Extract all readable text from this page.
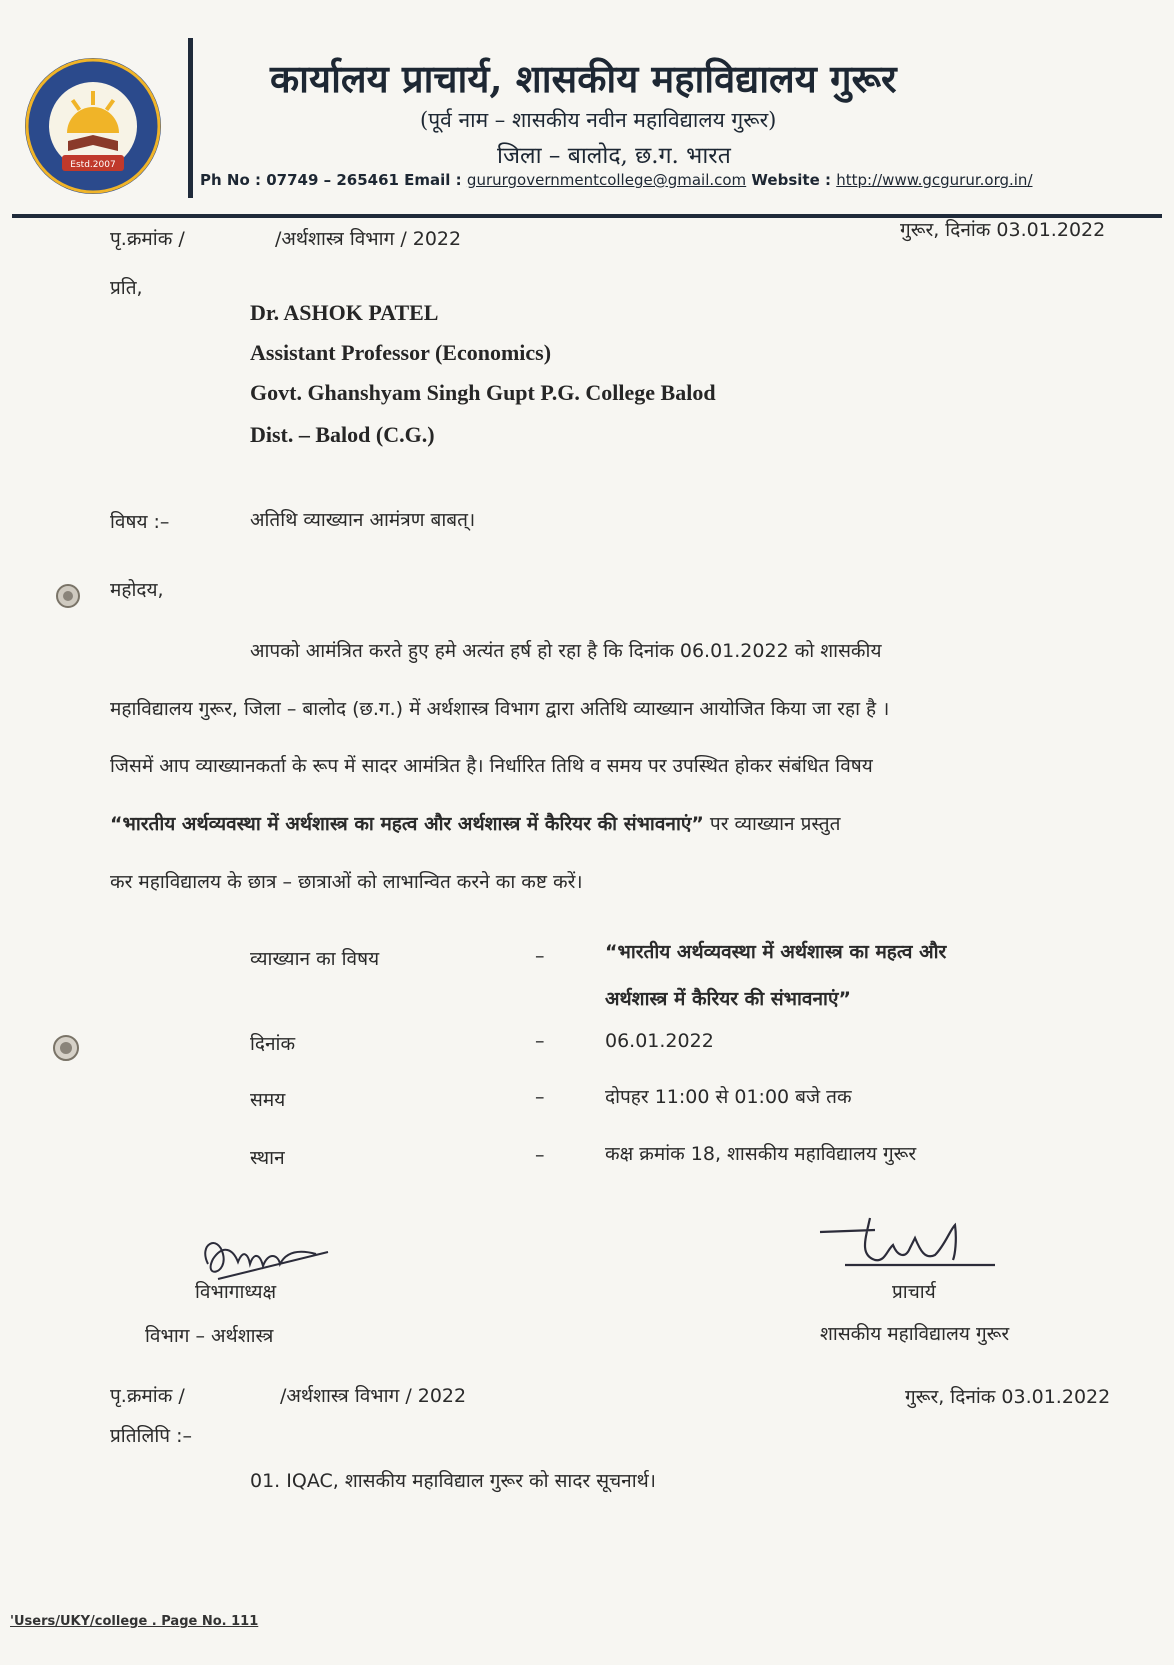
Estd.2007
कार्यालय प्राचार्य, शासकीय महाविद्यालय गुरूर
(पूर्व नाम – शासकीय नवीन महाविद्यालय गुरूर)
जिला – बालोद, छ.ग. भारत
Ph No : 07749 – 265461 Email : gururgovernmentcollege@gmail.com Website : http://www.gcgurur.org.in/
पृ.क्रमांक /	/अर्थशास्त्र विभाग / 2022	गुरूर, दिनांक 03.01.2022
प्रति,
Dr. ASHOK PATEL
Assistant Professor (Economics)
Govt. Ghanshyam Singh Gupt P.G. College Balod
Dist. – Balod (C.G.)
विषय :–	अतिथि व्याख्यान आमंत्रण बाबत्।
महोदय,
आपको आमंत्रित करते हुए हमे अत्यंत हर्ष हो रहा है कि दिनांक 06.01.2022 को शासकीय
महाविद्यालय गुरूर, जिला – बालोद (छ.ग.) में अर्थशास्त्र विभाग द्वारा अतिथि व्याख्यान आयोजित किया जा रहा है ।
जिसमें आप व्याख्यानकर्ता के रूप में सादर आमंत्रित है। निर्धारित तिथि व समय पर उपस्थित होकर संबंधित विषय
“भारतीय अर्थव्यवस्था में अर्थशास्त्र का महत्व और अर्थशास्त्र में कैरियर की संभावनाएं” पर व्याख्यान प्रस्तुत
कर महाविद्यालय के छात्र – छात्राओं को लाभान्वित करने का कष्ट करें।
व्याख्यान का विषय	–	“भारतीय अर्थव्यवस्था में अर्थशास्त्र का महत्व और
अर्थशास्त्र में कैरियर की संभावनाएं”
दिनांक	–	06.01.2022
समय	–	दोपहर 11:00 से 01:00 बजे तक
स्थान	–	कक्ष क्रमांक 18, शासकीय महाविद्यालय गुरूर
विभागाध्यक्ष
विभाग – अर्थशास्त्र
प्राचार्य
शासकीय महाविद्यालय गुरूर
पृ.क्रमांक /	/अर्थशास्त्र विभाग / 2022	गुरूर, दिनांक 03.01.2022
प्रतिलिपि :–
01. IQAC, शासकीय महाविद्याल गुरूर को सादर सूचनार्थ।
'Users/UKY/college . Page No. 111
